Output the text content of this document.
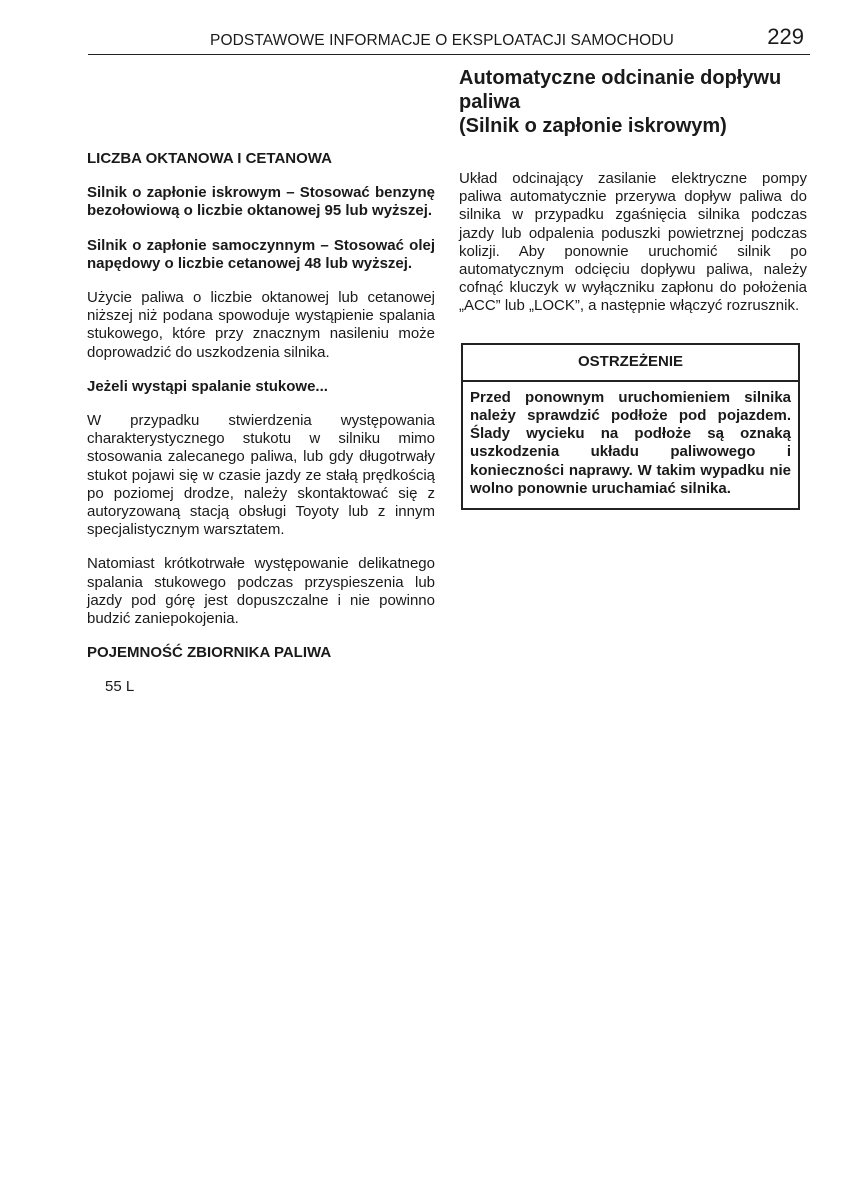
PODSTAWOWE INFORMACJE O EKSPLOATACJI SAMOCHODU	229

LICZBA OKTANOWA I CETANOWA

Silnik o zapłonie iskrowym – Stosować benzynę bezołowiową o liczbie oktanowej 95 lub wyższej.

Silnik o zapłonie samoczynnym – Stosować olej napędowy o liczbie cetanowej 48 lub wyższej.

Użycie paliwa o liczbie oktanowej lub cetanowej niższej niż podana spowoduje wystąpienie spalania stukowego, które przy znacznym nasileniu może doprowadzić do uszkodzenia silnika.

Jeżeli wystąpi spalanie stukowe...

W przypadku stwierdzenia występowania charakterystycznego stukotu w silniku mimo stosowania zalecanego paliwa, lub gdy długotrwały stukot pojawi się w czasie jazdy ze stałą prędkością po poziomej drodze, należy skontaktować się z autoryzowaną stacją obsługi Toyoty lub z innym specjalistycznym warsztatem.

Natomiast krótkotrwałe występowanie delikatnego spalania stukowego podczas przyspieszenia lub jazdy pod górę jest dopuszczalne i nie powinno budzić zaniepokojenia.

POJEMNOŚĆ ZBIORNIKA PALIWA

55 L

Automatyczne odcinanie dopływu
paliwa
(Silnik o zapłonie iskrowym)

Układ odcinający zasilanie elektryczne pompy paliwa automatycznie przerywa dopływ paliwa do silnika w przypadku zgaśnięcia silnika podczas jazdy lub odpalenia poduszki powietrznej podczas kolizji. Aby ponownie uruchomić silnik po automatycznym odcięciu dopływu paliwa, należy cofnąć kluczyk w wyłączniku zapłonu do położenia „ACC” lub „LOCK”, a następnie włączyć rozrusznik.

OSTRZEŻENIE
Przed ponownym uruchomieniem silnika należy sprawdzić podłoże pod pojazdem. Ślady wycieku na podłoże są oznaką uszkodzenia układu paliwowego i konieczności naprawy. W takim wypadku nie wolno ponownie uruchamiać silnika.
